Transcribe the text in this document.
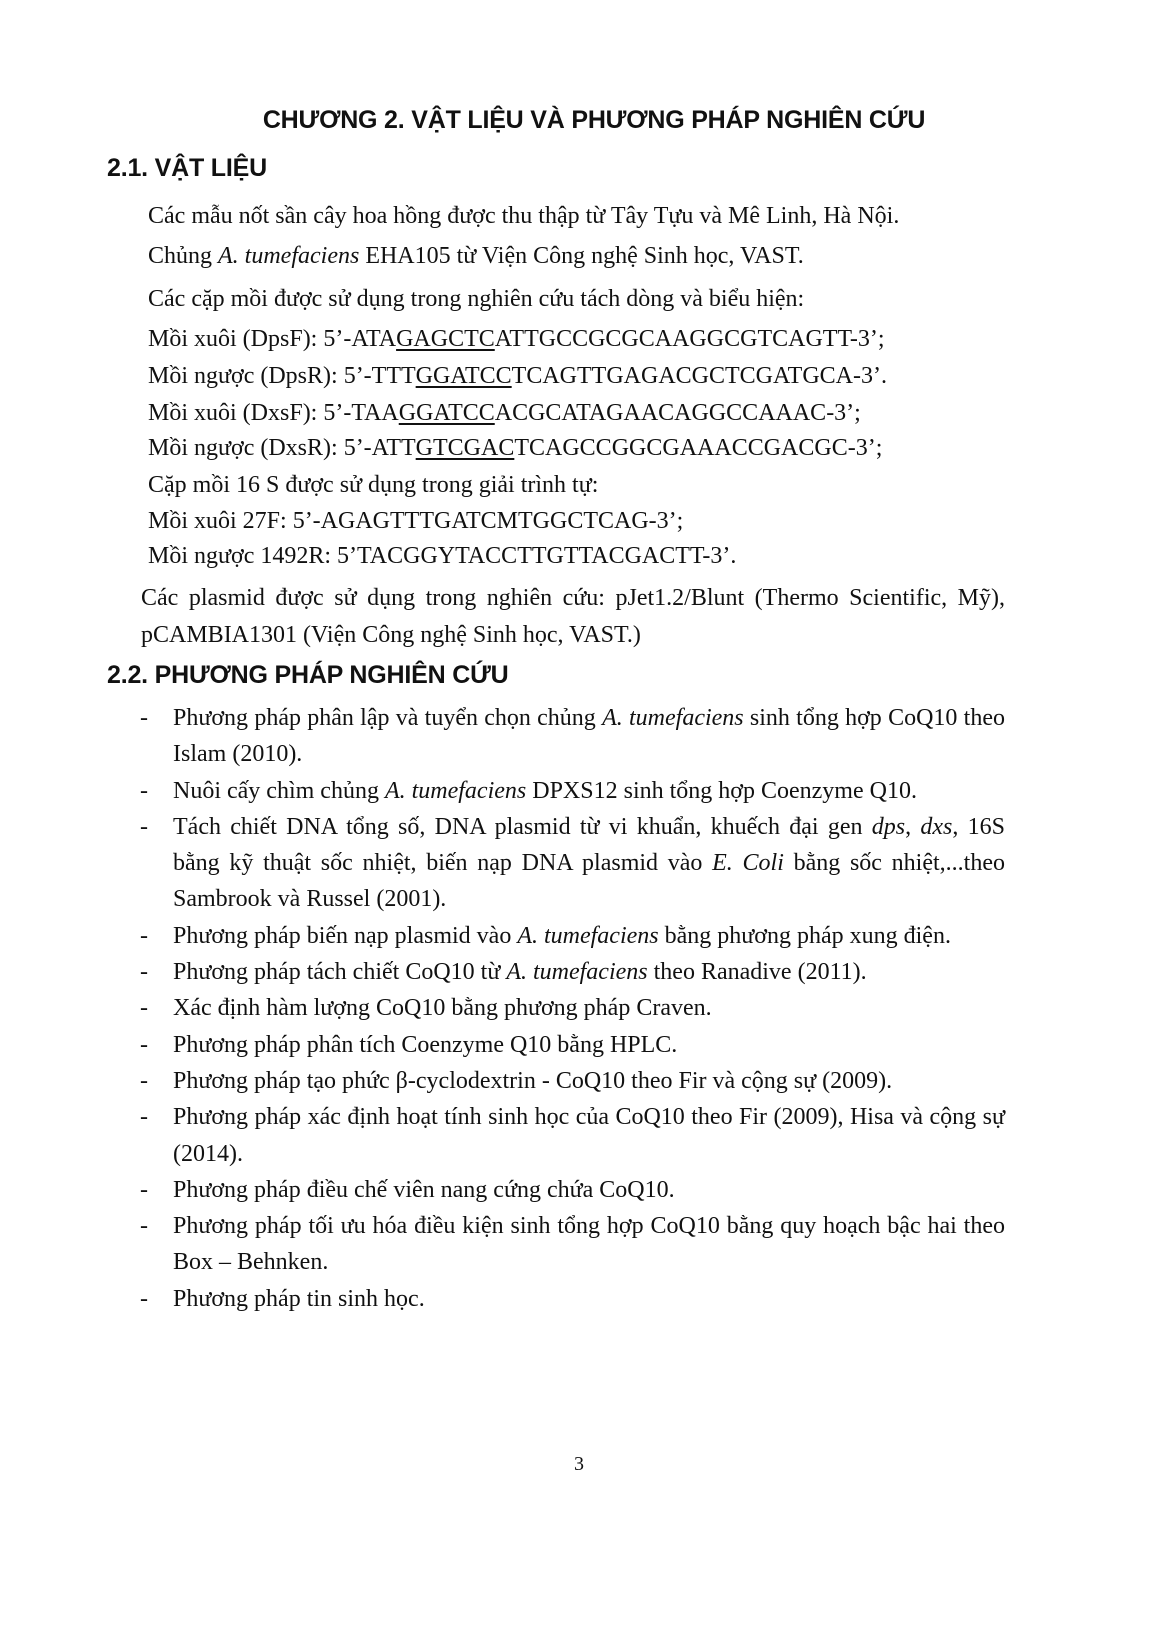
CHƯƠNG 2. VẬT LIỆU VÀ PHƯƠNG PHÁP NGHIÊN CỨU
2.1. VẬT LIỆU
Các mẫu nốt sần cây hoa hồng được thu thập từ Tây Tựu và Mê Linh, Hà Nội.
Chủng A. tumefaciens EHA105 từ Viện Công nghệ Sinh học, VAST.
Các cặp mồi được sử dụng trong nghiên cứu tách dòng và biểu hiện:
Mồi xuôi (DpsF): 5’-ATAGAGCTCATTGCCGCGCAAGGCGTCAGTT-3’;
Mồi ngược (DpsR): 5’-TTTGGATCCTCAGTTGAGACGCTCGATGCA-3’.
Mồi xuôi (DxsF): 5’-TAAGGATCCACGCATAGAACAGGCCAAAC-3’;
Mồi ngược (DxsR): 5’-ATTGTCGACTCAGCCGGCGAAACCGACGC-3’;
Cặp mồi 16 S được sử dụng trong giải trình tự:
Mồi xuôi 27F: 5’-AGAGTTTGATCMTGGCTCAG-3’;
Mồi ngược 1492R: 5’TACGGYTACCTTGTTACGACTT-3’.
Các plasmid được sử dụng trong nghiên cứu: pJet1.2/Blunt (Thermo Scientific, Mỹ), pCAMBIA1301 (Viện Công nghệ Sinh học, VAST.)
2.2. PHƯƠNG PHÁP NGHIÊN CỨU
- Phương pháp phân lập và tuyển chọn chủng A. tumefaciens sinh tổng hợp CoQ10 theo Islam (2010).
- Nuôi cấy chìm chủng A. tumefaciens DPXS12 sinh tổng hợp Coenzyme Q10.
- Tách chiết DNA tổng số, DNA plasmid từ vi khuẩn, khuếch đại gen dps, dxs, 16S bằng kỹ thuật sốc nhiệt, biến nạp DNA plasmid vào E. Coli bằng sốc nhiệt,...theo Sambrook và Russel (2001).
- Phương pháp biến nạp plasmid vào A. tumefaciens bằng phương pháp xung điện.
- Phương pháp tách chiết CoQ10 từ A. tumefaciens theo Ranadive (2011).
- Xác định hàm lượng CoQ10 bằng phương pháp Craven.
- Phương pháp phân tích Coenzyme Q10 bằng HPLC.
- Phương pháp tạo phức β-cyclodextrin - CoQ10 theo Fir và cộng sự (2009).
- Phương pháp xác định hoạt tính sinh học của CoQ10 theo Fir (2009), Hisa và cộng sự (2014).
- Phương pháp điều chế viên nang cứng chứa CoQ10.
- Phương pháp tối ưu hóa điều kiện sinh tổng hợp CoQ10 bằng quy hoạch bậc hai theo Box – Behnken.
- Phương pháp tin sinh học.
3
